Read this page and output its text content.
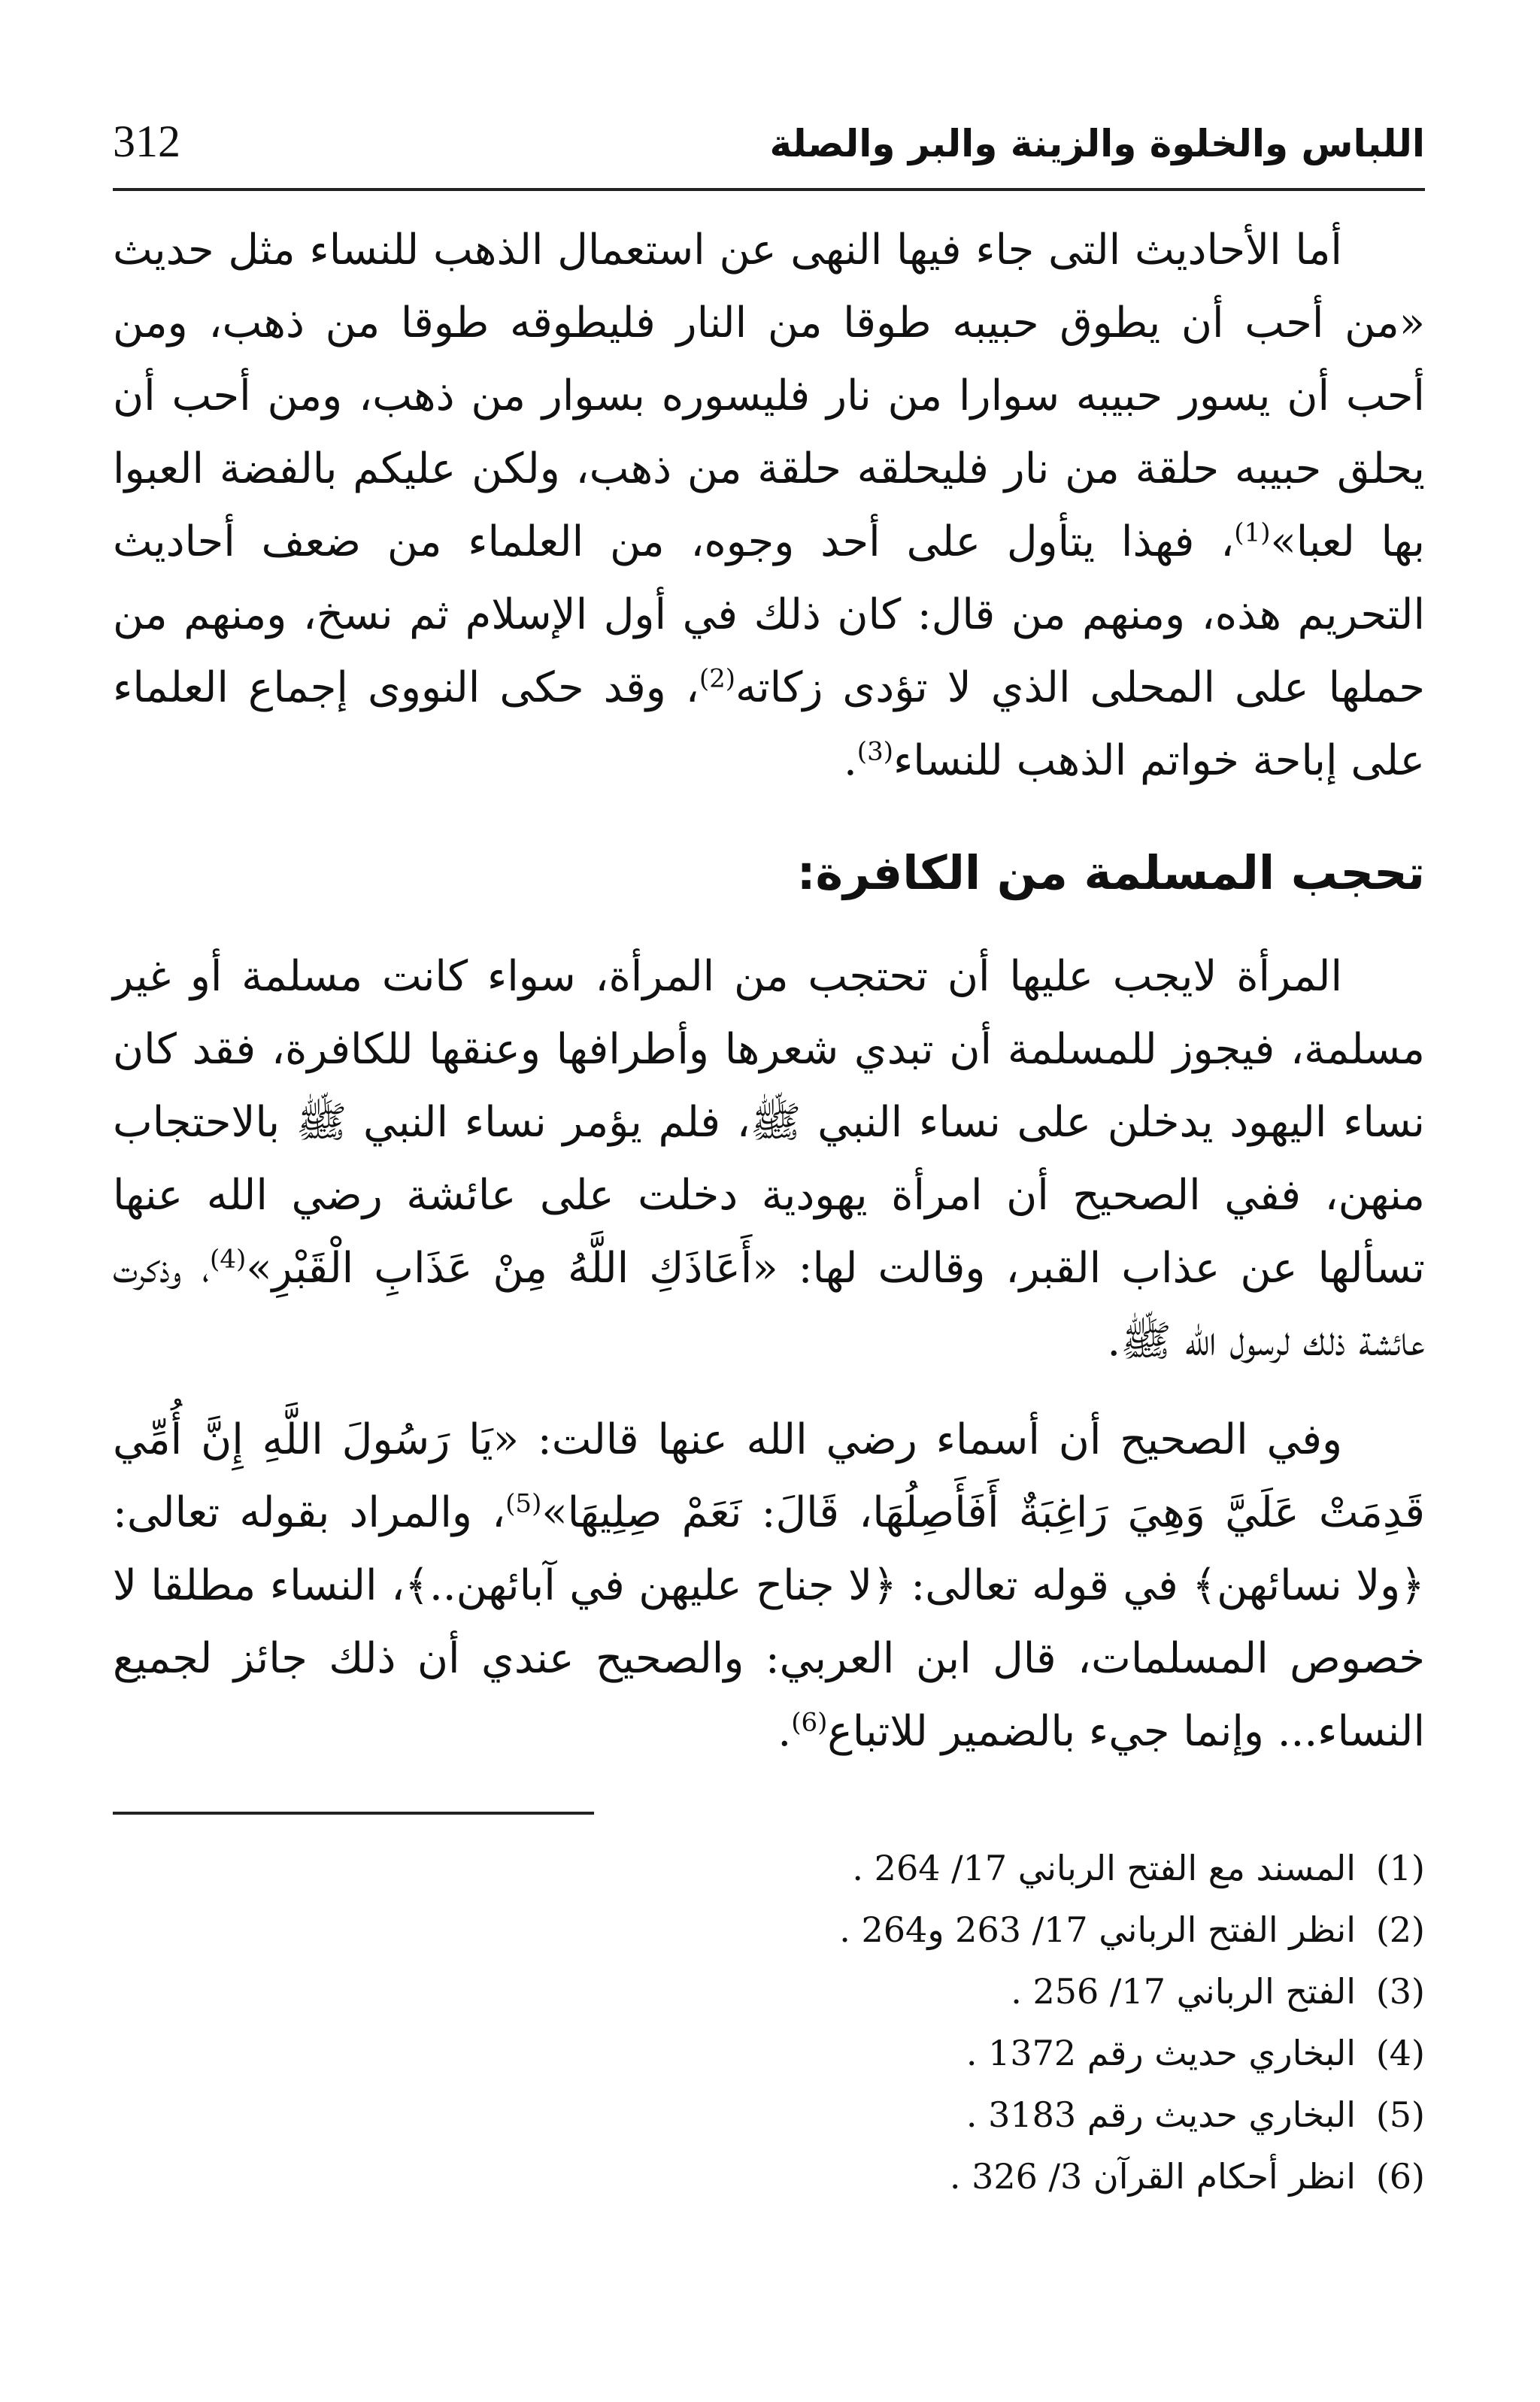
اللباس والخلوة والزينة والبر والصلة
312

أما الأحاديث التى جاء فيها النهى عن استعمال الذهب للنساء مثل حديث «من أحب أن يطوق حبيبه طوقا من النار فليطوقه طوقا من ذهب، ومن أحب أن يسور حبيبه سوارا من نار فليسوره بسوار من ذهب، ومن أحب أن يحلق حبيبه حلقة من نار فليحلقه حلقة من ذهب، ولكن عليكم بالفضة العبوا بها لعبا»$^{(1)}$، فهذا يتأول على أحد وجوه، من العلماء من ضعف أحاديث التحريم هذه، ومنهم من قال: كان ذلك في أول الإسلام ثم نسخ، ومنهم من حملها على المحلى الذي لا تؤدى زكاته$^{(2)}$، وقد حكى النووى إجماع العلماء على إباحة خواتم الذهب للنساء$^{(3)}$.

تحجب المسلمة من الكافرة:

المرأة لايجب عليها أن تحتجب من المرأة، سواء كانت مسلمة أو غير مسلمة، فيجوز للمسلمة أن تبدي شعرها وأطرافها وعنقها للكافرة، فقد كان نساء اليهود يدخلن على نساء النبي ﷺ، فلم يؤمر نساء النبي ﷺ بالاحتجاب منهن، ففي الصحيح أن امرأة يهودية دخلت على عائشة رضي الله عنها تسألها عن عذاب القبر، وقالت لها: «أَعَاذَكِ اللَّهُ مِنْ عَذَابِ الْقَبْرِ»$^{(4)}$، وذكرت عائشة ذلك لرسول الله ﷺ.

وفي الصحيح أن أسماء رضي الله عنها قالت: «يَا رَسُولَ اللَّهِ إِنَّ أُمِّي قَدِمَتْ عَلَيَّ وَهِيَ رَاغِبَةٌ أَفَأَصِلُهَا، قَالَ: نَعَمْ صِلِيهَا»$^{(5)}$، والمراد بقوله تعالى: ﴿ولا نسائهن﴾ في قوله تعالى: ﴿لا جناح عليهن في آبائهن..﴾، النساء مطلقا لا خصوص المسلمات، قال ابن العربي: والصحيح عندي أن ذلك جائز لجميع النساء... وإنما جيء بالضمير للاتباع$^{(6)}$.

(1)
المسند مع الفتح الرباني 17/ 264 .
(2)
انظر الفتح الرباني 17/ 263 و264 .
(3)
الفتح الرباني 17/ 256 .
(4)
البخاري حديث رقم 1372 .
(5)
البخاري حديث رقم 3183 .
(6)
انظر أحكام القرآن 3/ 326 .
